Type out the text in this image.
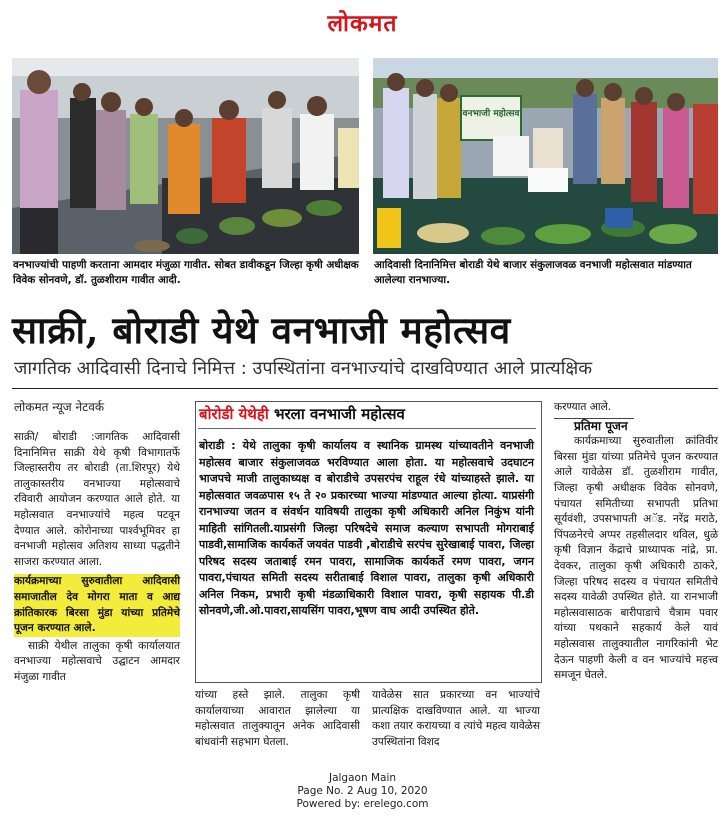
लोकमत
वनभाज्यांची पाहणी करताना आमदार मंजुळा गावीत. सोबत डावीकडून जिल्हा कृषी अधीक्षक विवेक सोनवणे, डॉ. तुळशीराम गावीत आदी.
वनभाजी महोत्सव
आदिवासी दिनानिमित्त बोराडी येथे बाजार संकुलाजवळ वनभाजी महोत्सवात मांडण्यात आलेल्या रानभाज्या.
साक्री, बोराडी येथे वनभाजी महोत्सव
जागतिक आदिवासी दिनाचे निमित्त : उपस्थितांना वनभाज्यांचे दाखविण्यात आले प्रात्यक्षिक
लोकमत न्यूज नेटवर्क

साक्री/ बोराडी :जागतिक आदिवासी दिनानिमित्त साक्री येथे कृषी विभागातर्फे जिल्हास्तरीय तर बोराडी (ता.शिरपूर) येथे तालुकास्तरीय वनभाज्या महोत्सवाचे रविवारी आयोजन करण्यात आले होते. या महोत्सवात वनभाज्यांचे महत्व पटवून देण्यात आले. कोरोनाच्या पार्श्वभूमिवर हा वनभाजी महोत्सव अतिशय साध्या पद्धतीने साजरा करण्यात आला.

कार्यक्रमाच्या सुरुवातीला आदिवासी समाजातील देव मोगरा माता व आद्य क्रांतिकारक बिरसा मुंडा यांच्या प्रतिमेचे पूजन करण्यात आले.

साक्री येथील तालुका कृषी कार्यालयात वनभाज्या महोत्सवाचे उद्घाटन आमदार मंजुळा गावीत

बोरोडी येथेही भरला वनभाजी महोत्सव
बोराडी : येथे तालुका कृषी कार्यालय व स्थानिक ग्रामस्थ यांच्यावतीने वनभाजी महोत्सव बाजार संकुलाजवळ भरविण्यात आला होता. या महोत्सवाचे उदघाटन भाजपचे माजी तालुकाध्यक्ष व बोराडीचे उपसरपंच राहूल रंधे यांच्याहस्ते झाले. या महोत्सवात जवळपास १५ ते २० प्रकारच्या भाज्या मांडण्यात आल्या होत्या. याप्रसंगी रानभाज्या जतन व संवर्धन याविषयी तालुका कृषी अधिकारी अनिल निकुंभ यांनी माहिती सांगितली.याप्रसंगी जिल्हा परिषदेचे समाज कल्याण सभापती मोगराबाई पाडवी,सामाजिक कार्यकर्ते जयवंत पाडवी ,बोराडीचे सरपंच सुरेखाबाई पावरा, जिल्हा परिषद सदस्य जताबाई रमन पावरा, सामाजिक कार्यकर्ते रमण पावरा, जगन पावरा,पंचायत समिती सदस्य सरीताबाई विशाल पावरा, तालुका कृषी अधिकारी अनिल निकम, प्रभारी कृषी मंडळाधिकारी विशाल पावरा, कृषी सहायक पी.डी सोनवणे,जी.ओ.पावरा,सायसिंग पावरा,भूषण वाघ आदी उपस्थित होते.
यांच्या हस्ते झाले. तालुका कृषी कार्यालयाच्या आवारात झालेल्या या महोत्सवात तालुक्यातून अनेक आदिवासी बांधवांनी सहभाग घेतला.
यावेळेस सात प्रकारच्या वन भाज्यांचे प्रात्यक्षिक दाखविण्यात आले. या भाज्या कशा तयार करायच्या व त्यांचे महत्व यावेळेस उपस्थितांना विशद

करण्यात आले.

प्रतिमा पूजन

कार्यक्रमाच्या सुरुवातीला क्रांतिवीर बिरसा मुंडा यांच्या प्रतिमेचे पूजन करण्यात आले यावेळेस डॉ. तुळशीराम गावीत, जिल्हा कृषी अधीक्षक विवेक सोनवणे, पंचायत समितीच्या सभापती प्रतिभा सूर्यवंशी, उपसभापती अॅड. नरेंद्र मराठे, पिंपळनेरचे अप्पर तहसीलदार थविल, धुळे कृषी विज्ञान केंद्राचे प्राध्यापक नांद्रे, प्रा. देवकर, तालुका कृषी अधिकारी ठाकरे, जिल्हा परिषद सदस्य व पंचायत समितीचे सदस्य यावेळी उपस्थित होते. या रानभाजी महोत्सवासाठक बारीपाडाचे चैत्राम पवार यांच्या पथकाने सहकार्य केले यावं महोत्सवास तालुक्यातील नागरिकांनी भेट देऊन पाहणी केली व वन भाज्यांचे महत्त्व समजून घेतले.

Jalgaon Main
Page No. 2 Aug 10, 2020
Powered by: erelego.com
